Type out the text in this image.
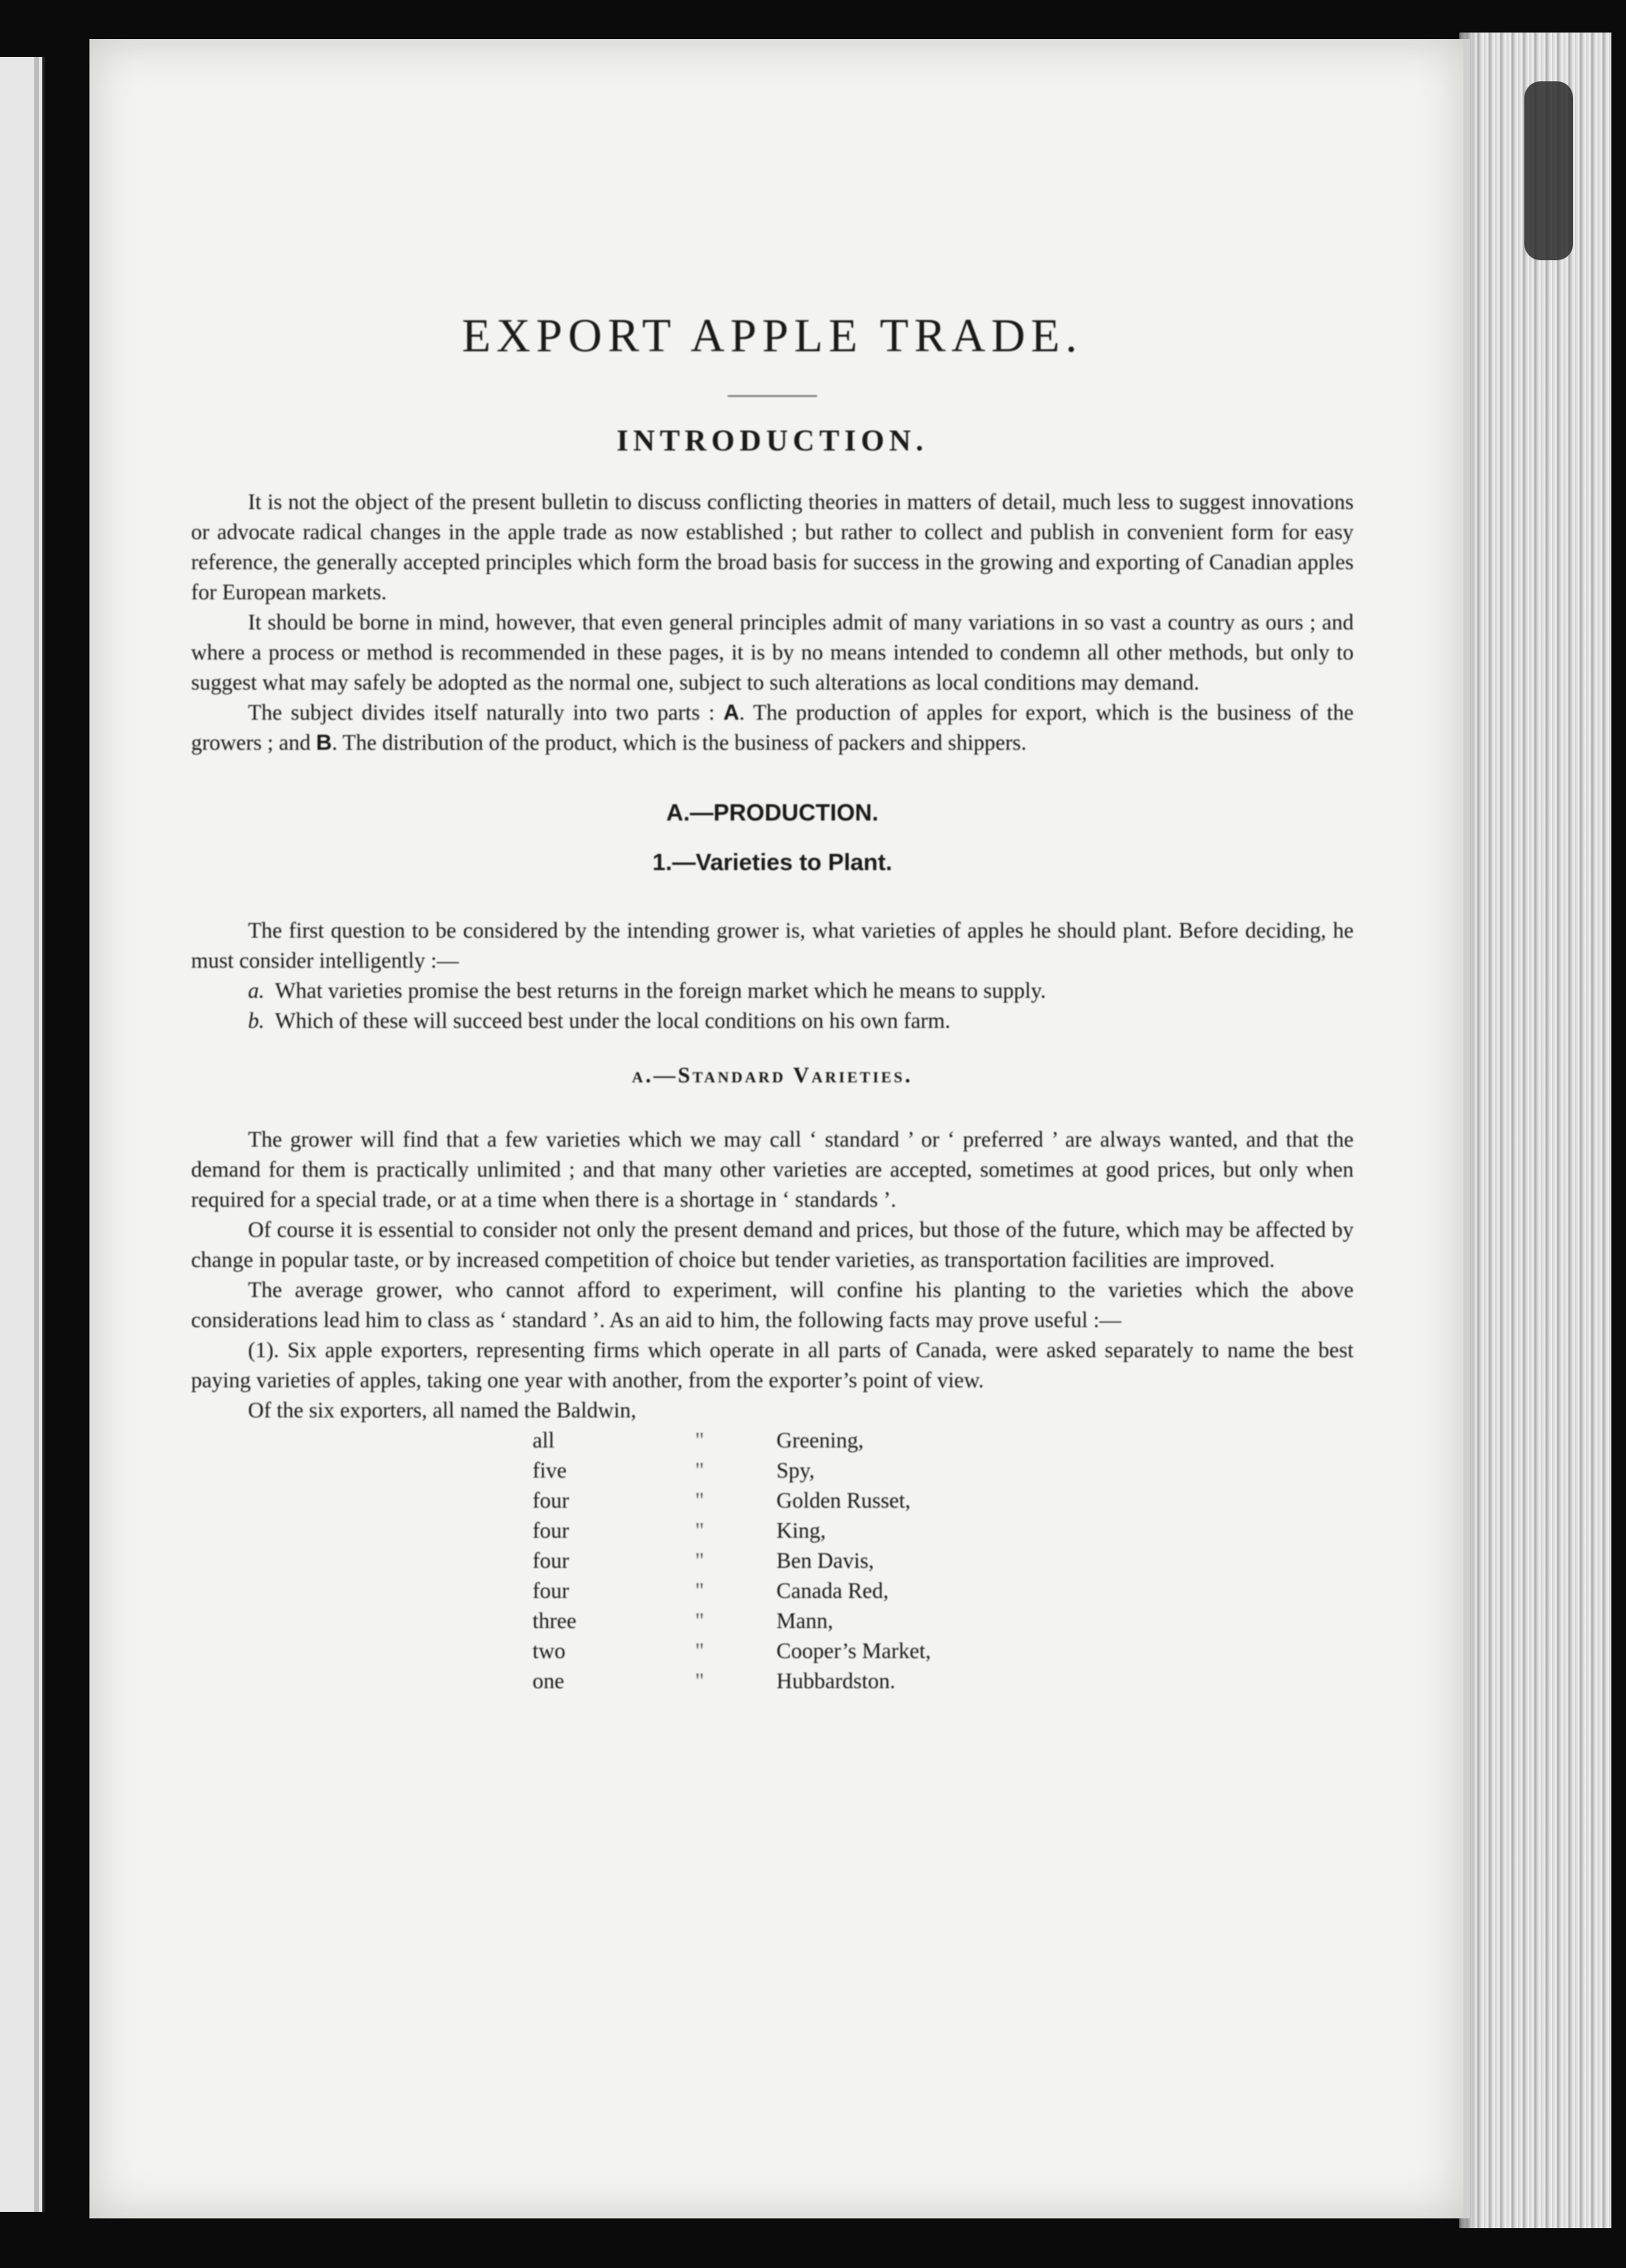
EXPORT APPLE TRADE.
INTRODUCTION.

It is not the object of the present bulletin to discuss conflicting theories in matters of detail, much less to suggest innovations or advocate radical changes in the apple trade as now established ; but rather to collect and publish in convenient form for easy reference, the generally accepted principles which form the broad basis for success in the growing and exporting of Canadian apples for European markets.

It should be borne in mind, however, that even general principles admit of many variations in so vast a country as ours ; and where a process or method is recommended in these pages, it is by no means intended to condemn all other methods, but only to suggest what may safely be adopted as the normal one, subject to such alterations as local conditions may demand.

The subject divides itself naturally into two parts : A. The production of apples for export, which is the business of the growers ; and B. The distribution of the product, which is the business of packers and shippers.

A.—PRODUCTION.
1.—Varieties to Plant.

The first question to be considered by the intending grower is, what varieties of apples he should plant. Before deciding, he must consider intelligently :—

a. What varieties promise the best returns in the foreign market which he means to supply.

b. Which of these will succeed best under the local conditions on his own farm.

a.—Standard Varieties.

The grower will find that a few varieties which we may call ‘ standard ’ or ‘ preferred ’ are always wanted, and that the demand for them is practically unlimited ; and that many other varieties are accepted, sometimes at good prices, but only when required for a special trade, or at a time when there is a shortage in ‘ standards ’.

Of course it is essential to consider not only the present demand and prices, but those of the future, which may be affected by change in popular taste, or by increased competition of choice but tender varieties, as transportation facilities are improved.

The average grower, who cannot afford to experiment, will confine his planting to the varieties which the above considerations lead him to class as ‘ standard ’. As an aid to him, the following facts may prove useful :—

(1). Six apple exporters, representing firms which operate in all parts of Canada, were asked separately to name the best paying varieties of apples, taking one year with another, from the exporter’s point of view.

Of the six exporters, all named the Baldwin,

all	"	Greening,
five	"	Spy,
four	"	Golden Russet,
four	"	King,
four	"	Ben Davis,
four	"	Canada Red,
three	"	Mann,
two	"	Cooper’s Market,
one	"	Hubbardston.
